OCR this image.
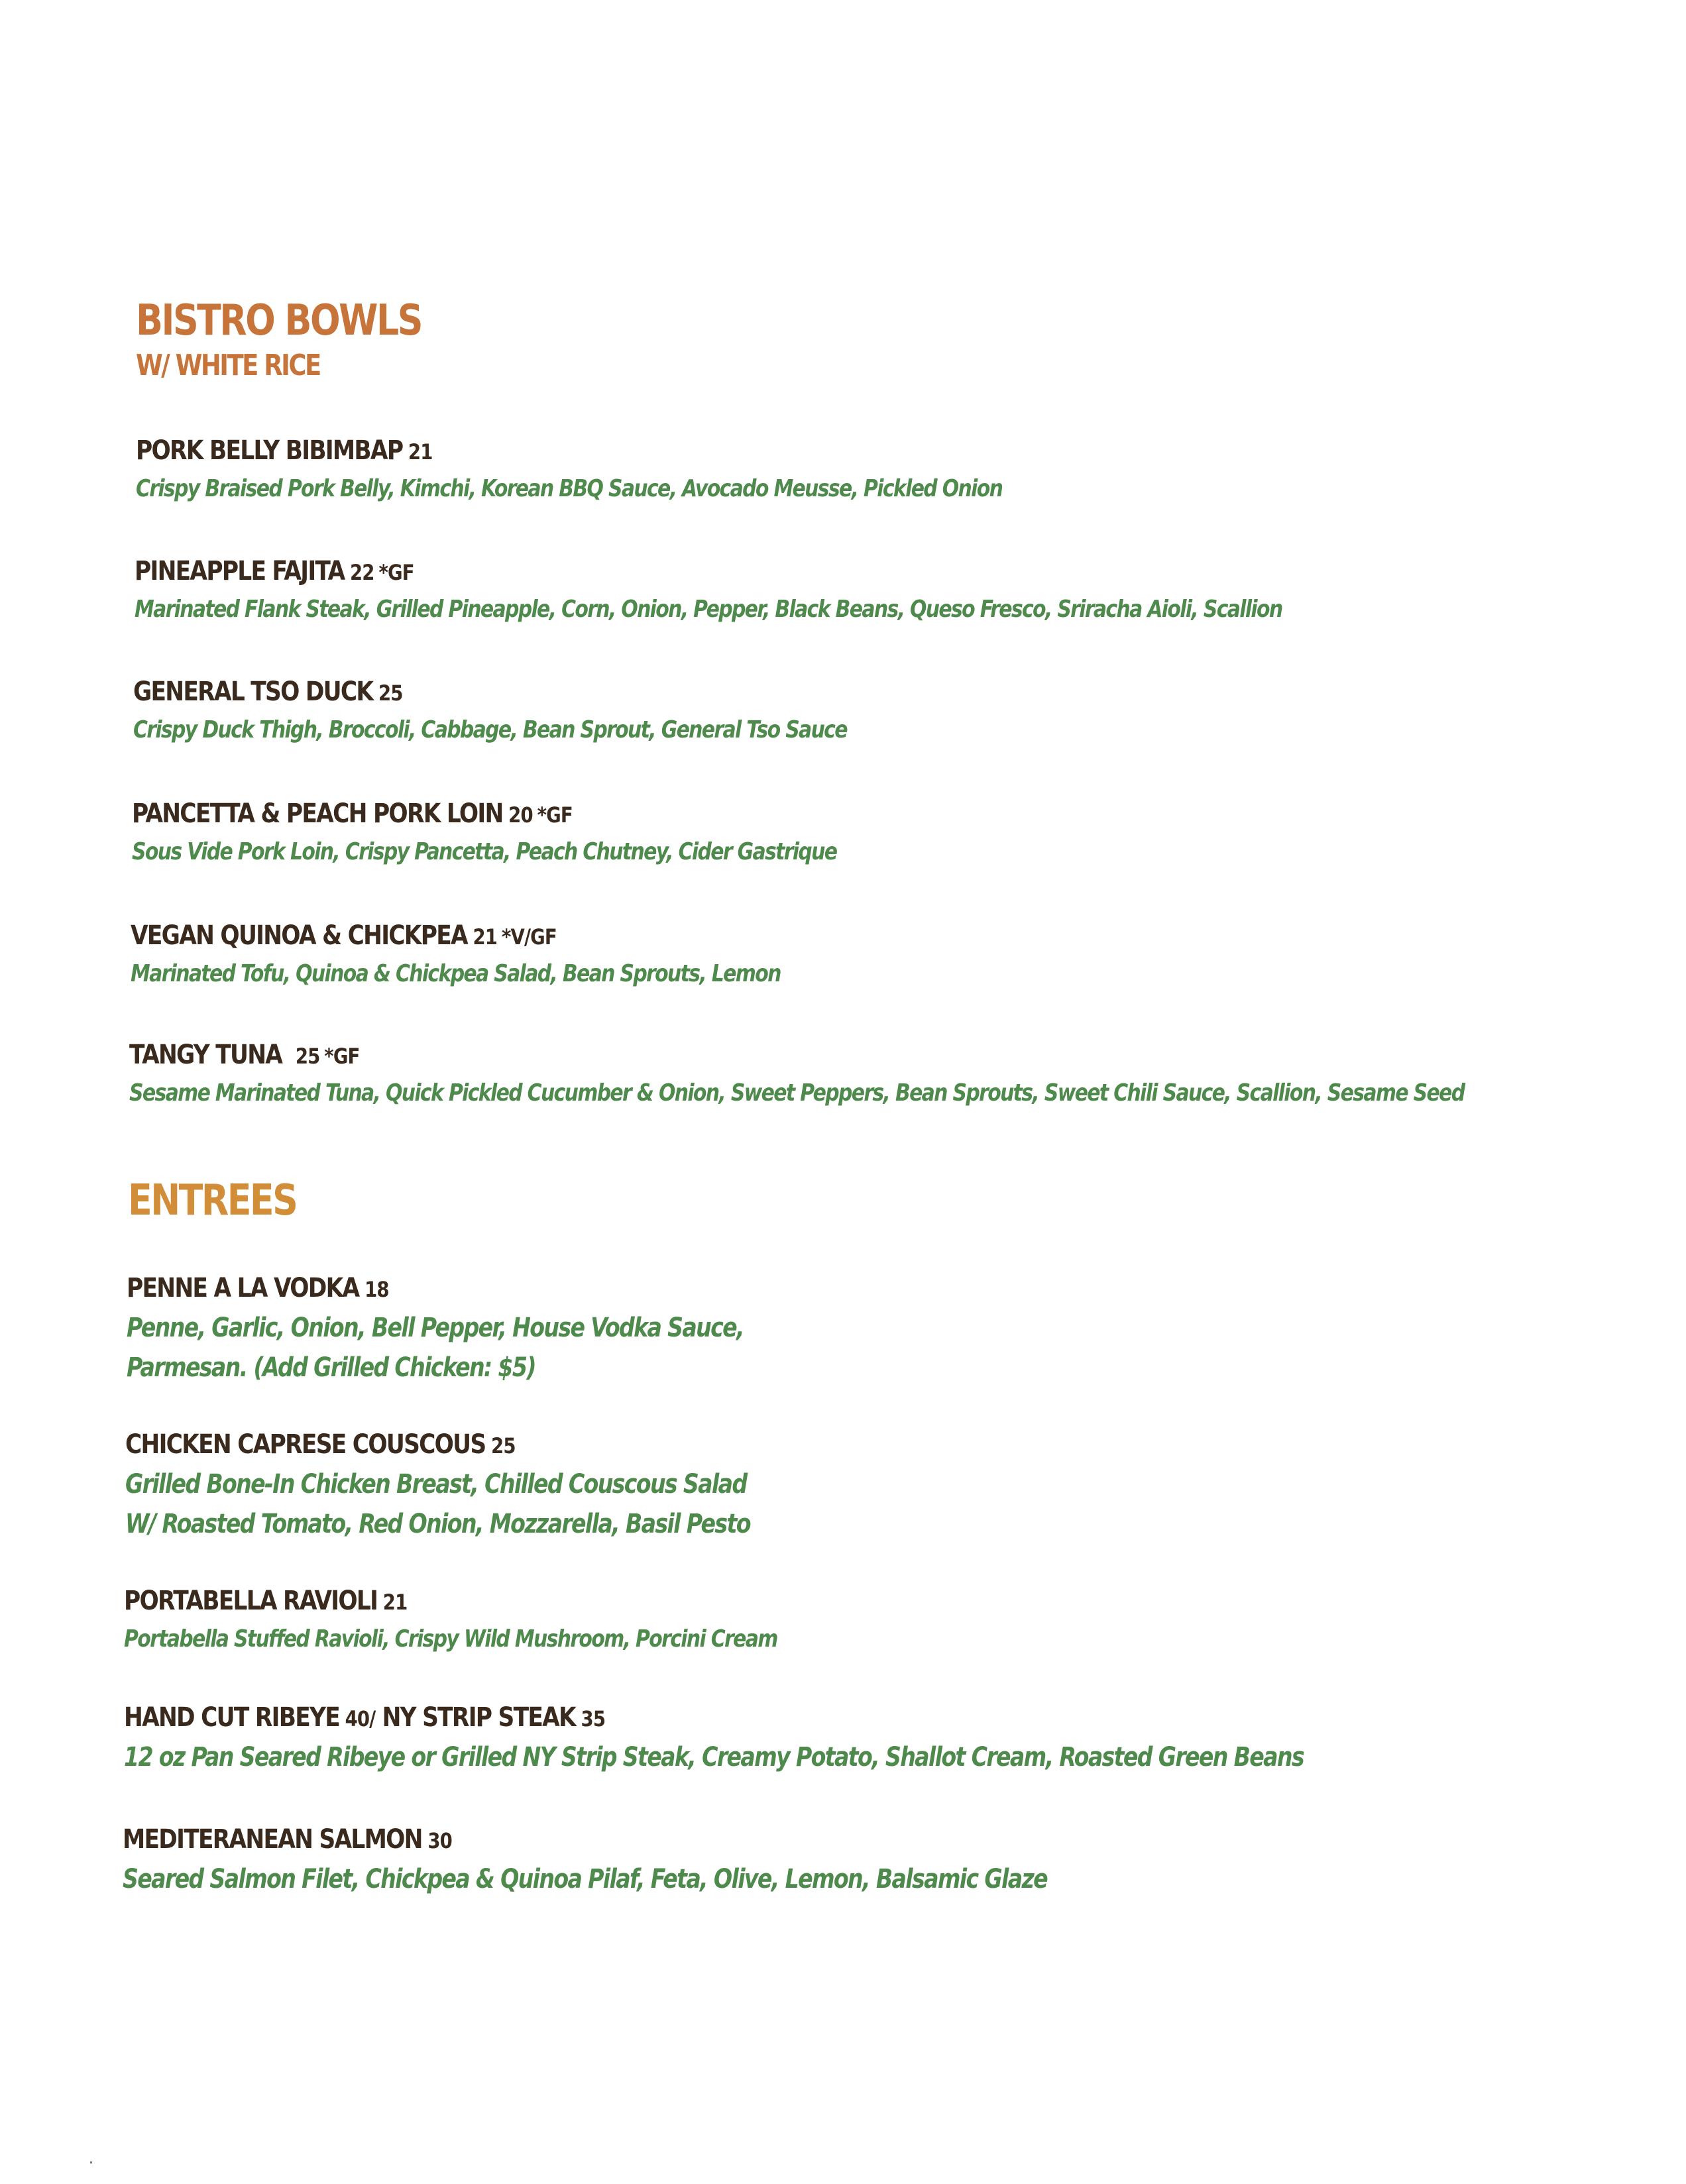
BISTRO BOWLS
W/ WHITE RICE
PORK BELLY BIBIMBAP 21
Crispy Braised Pork Belly, Kimchi, Korean BBQ Sauce, Avocado Meusse, Pickled Onion
PINEAPPLE FAJITA 22 *GF
Marinated Flank Steak, Grilled Pineapple, Corn, Onion, Pepper, Black Beans, Queso Fresco, Sriracha Aioli, Scallion
GENERAL TSO DUCK 25
Crispy Duck Thigh, Broccoli, Cabbage, Bean Sprout, General Tso Sauce
PANCETTA & PEACH PORK LOIN 20 *GF
Sous Vide Pork Loin, Crispy Pancetta, Peach Chutney, Cider Gastrique
VEGAN QUINOA & CHICKPEA 21 *V/GF
Marinated Tofu, Quinoa & Chickpea Salad, Bean Sprouts, Lemon
TANGY TUNA 25 *GF
Sesame Marinated Tuna, Quick Pickled Cucumber & Onion, Sweet Peppers, Bean Sprouts, Sweet Chili Sauce, Scallion, Sesame Seed
ENTREES
PENNE A LA VODKA 18
Penne, Garlic, Onion, Bell Pepper, House Vodka Sauce,
Parmesan. (Add Grilled Chicken: $5)
CHICKEN CAPRESE COUSCOUS 25
Grilled Bone-In Chicken Breast, Chilled Couscous Salad
W/ Roasted Tomato, Red Onion, Mozzarella, Basil Pesto
PORTABELLA RAVIOLI 21
Portabella Stuffed Ravioli, Crispy Wild Mushroom, Porcini Cream
HAND CUT RIBEYE 40/ NY STRIP STEAK 35
12 oz Pan Seared Ribeye or Grilled NY Strip Steak, Creamy Potato, Shallot Cream, Roasted Green Beans
MEDITERANEAN SALMON 30
Seared Salmon Filet, Chickpea & Quinoa Pilaf, Feta, Olive, Lemon, Balsamic Glaze
